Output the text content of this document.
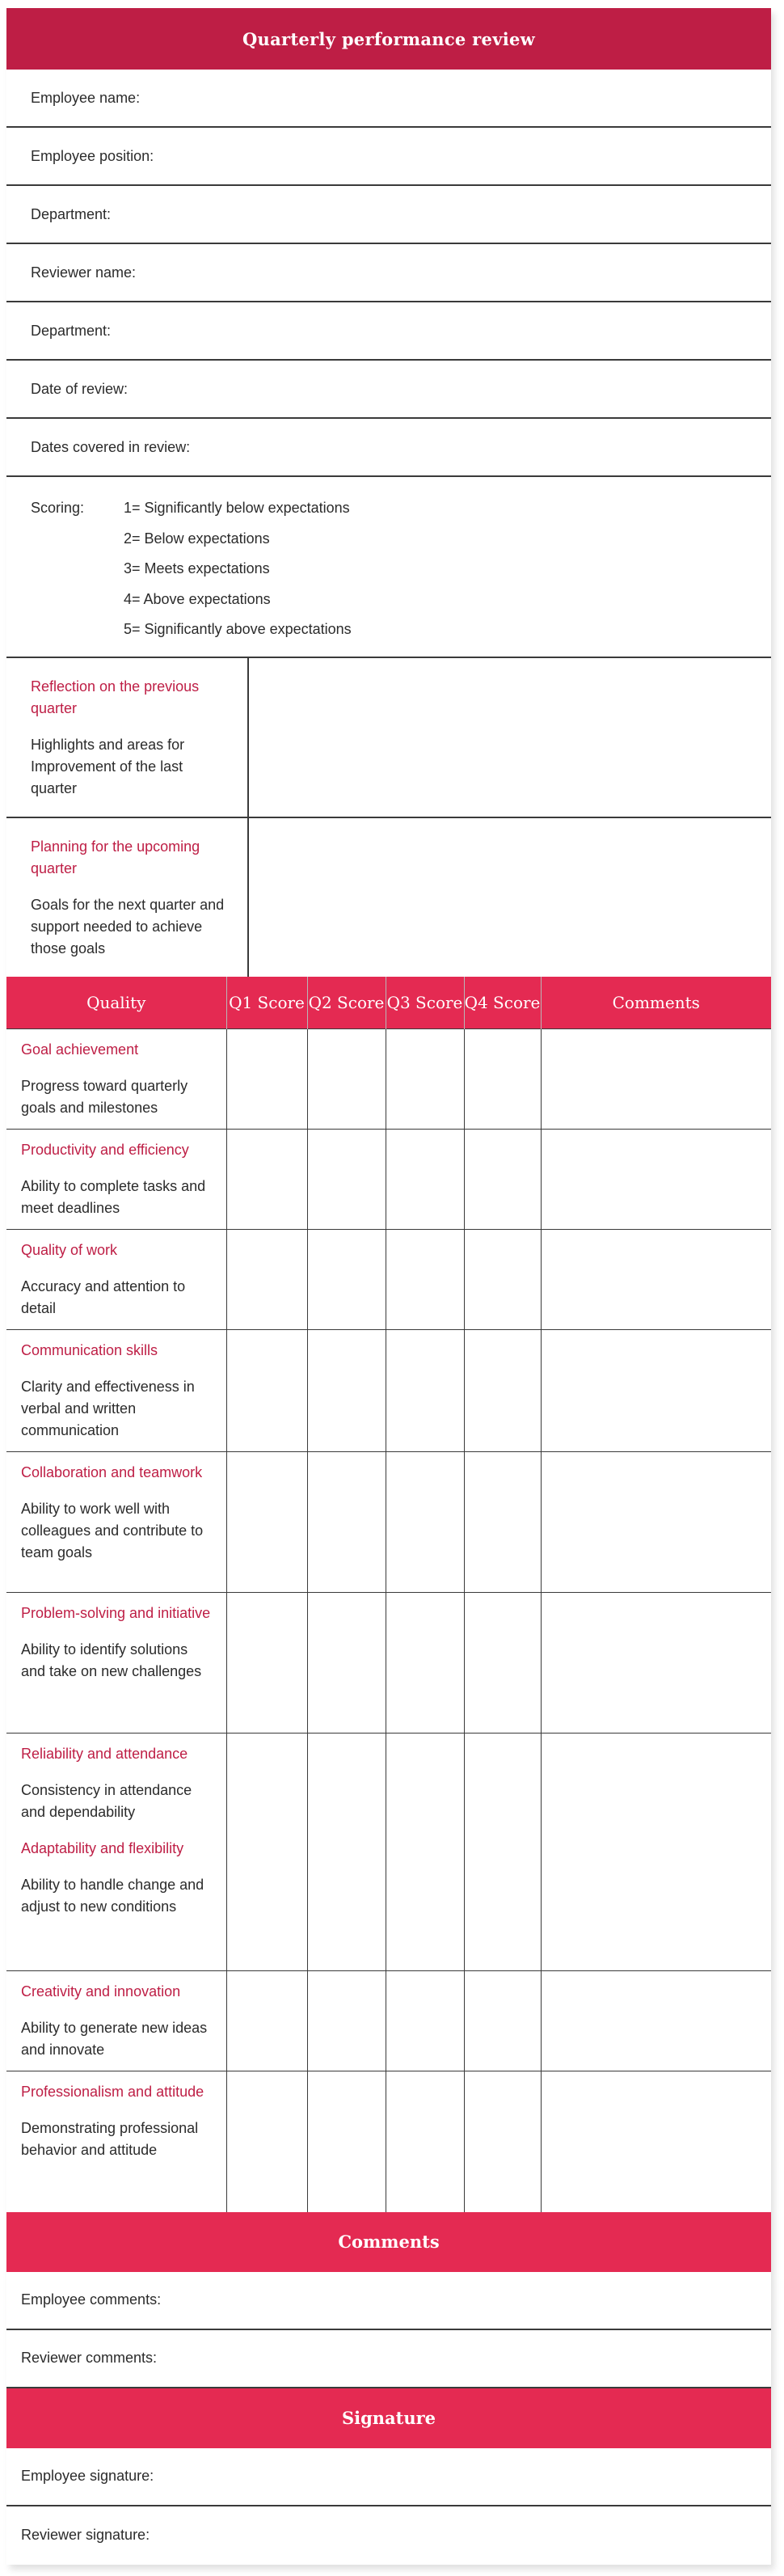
Quarterly performance review
Employee name:
Employee position:
Department:
Reviewer name:
Department:
Date of review:
Dates covered in review:
Scoring:	1= Significantly below expectations
2= Below expectations
3= Meets expectations
4= Above expectations
5= Significantly above expectations
Reflection on the previous quarter
Highlights and areas for Improvement of the last quarter
Planning for the upcoming quarter
Goals for the next quarter and support needed to achieve those goals
Quality	Q1 Score	Q2 Score	Q3 Score	Q4 Score	Comments

Goal achievement
Progress toward quarterly goals and milestones					

Productivity and efficiency
Ability to complete tasks and meet deadlines					

Quality of work
Accuracy and attention to detail					

Communication skills
Clarity and effectiveness in verbal and written communication					

Collaboration and teamwork
Ability to work well with colleagues and contribute to team goals					

Problem-solving and initiative
Ability to identify solutions and take on new challenges					

Reliability and attendance
Consistency in attendance and dependability
Adaptability and flexibility
Ability to handle change and adjust to new conditions					

Creativity and innovation
Ability to generate new ideas and innovate					

Professionalism and attitude
Demonstrating professional behavior and attitude					

Comments
Employee comments:
Reviewer comments:
Signature
Employee signature:
Reviewer signature:
